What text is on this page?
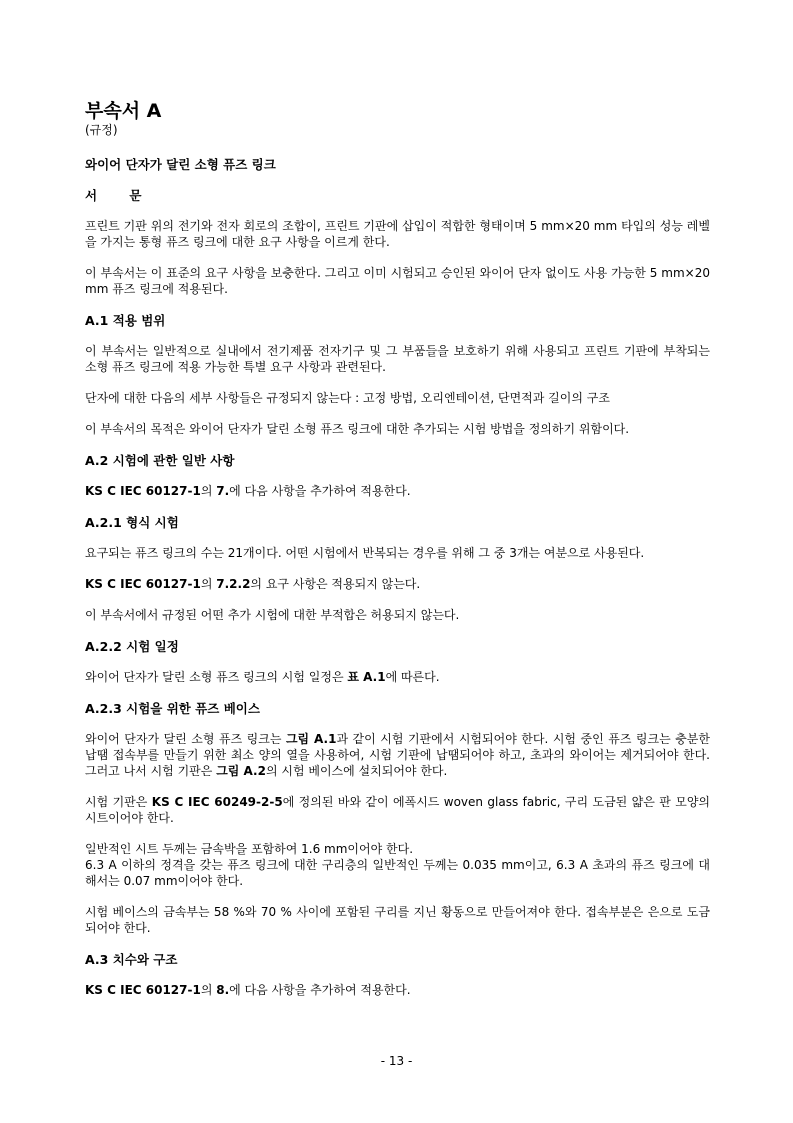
부속서 A

(규정)

와이어 단자가 달린 소형 퓨즈 링크

서 문

프린트 기판 위의 전기와 전자 회로의 조합이, 프린트 기판에 삽입이 적합한 형태이며 5 mm×20 mm 타입의 성능 레벨을 가지는 통형 퓨즈 링크에 대한 요구 사항을 이르게 한다.

이 부속서는 이 표준의 요구 사항을 보충한다. 그리고 이미 시험되고 승인된 와이어 단자 없이도 사용 가능한 5 mm×20 mm 퓨즈 링크에 적용된다.

A.1 적용 범위

이 부속서는 일반적으로 실내에서 전기제품 전자기구 및 그 부품들을 보호하기 위해 사용되고 프린트 기판에 부착되는 소형 퓨즈 링크에 적용 가능한 특별 요구 사항과 관련된다.

단자에 대한 다음의 세부 사항들은 규정되지 않는다 : 고정 방법, 오리엔테이션, 단면적과 길이의 구조

이 부속서의 목적은 와이어 단자가 달린 소형 퓨즈 링크에 대한 추가되는 시험 방법을 정의하기 위함이다.

A.2 시험에 관한 일반 사항

KS C IEC 60127-1의 7.에 다음 사항을 추가하여 적용한다.

A.2.1 형식 시험

요구되는 퓨즈 링크의 수는 21개이다. 어떤 시험에서 반복되는 경우를 위해 그 중 3개는 여분으로 사용된다.

KS C IEC 60127-1의 7.2.2의 요구 사항은 적용되지 않는다.

이 부속서에서 규정된 어떤 추가 시험에 대한 부적합은 허용되지 않는다.

A.2.2 시험 일정

와이어 단자가 달린 소형 퓨즈 링크의 시험 일정은 표 A.1에 따른다.

A.2.3 시험을 위한 퓨즈 베이스

와이어 단자가 달린 소형 퓨즈 링크는 그림 A.1과 같이 시험 기판에서 시험되어야 한다. 시험 중인 퓨즈 링크는 충분한 납땜 접속부를 만들기 위한 최소 양의 열을 사용하여, 시험 기판에 납땜되어야 하고, 초과의 와이어는 제거되어야 한다. 그러고 나서 시험 기판은 그림 A.2의 시험 베이스에 설치되어야 한다.

시험 기판은 KS C IEC 60249-2-5에 정의된 바와 같이 에폭시드 woven glass fabric, 구리 도금된 얇은 판 모양의 시트이어야 한다.

일반적인 시트 두께는 금속박을 포함하여 1.6 mm이어야 한다.

6.3 A 이하의 정격을 갖는 퓨즈 링크에 대한 구리층의 일반적인 두께는 0.035 mm이고, 6.3 A 초과의 퓨즈 링크에 대해서는 0.07 mm이어야 한다.

시험 베이스의 금속부는 58 %와 70 % 사이에 포함된 구리를 지닌 황동으로 만들어져야 한다. 접속부분은 은으로 도금되어야 한다.

A.3 치수와 구조

KS C IEC 60127-1의 8.에 다음 사항을 추가하여 적용한다.

- 13 -
